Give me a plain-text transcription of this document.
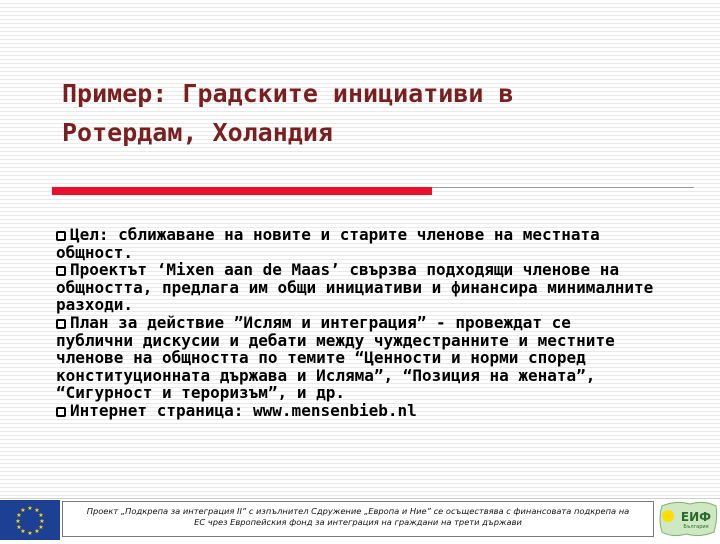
Пример: Градските инициативи в
Ротердам, Холандия

Цел: сближаване на новите и старите членове на местната общност.

Проектът ‘Mixen aan de Maas’ свързва подходящи членове на общността, предлага им общи инициативи и финансира минималните разходи.

План за действие ”Ислям и интеграция” - провеждат се публични дискусии и дебати между чуждестранните и местните членове на общността по темите “Ценности и норми според конституционната държава и Исляма”, “Позиция на жената”, “Сигурност и тероризъм”, и др.

Интернет страница: www.mensenbieb.nl

★ ★
★
★
★
★
★
★
★
★
★
★	Проект „Подкрепа за интеграция II” с изпълнител Сдружение „Европа и Ние” се осъществява с финансовата подкрепа на
ЕС чрез Европейския фонд за интеграция на граждани на трети държави	ЕИФ
България
